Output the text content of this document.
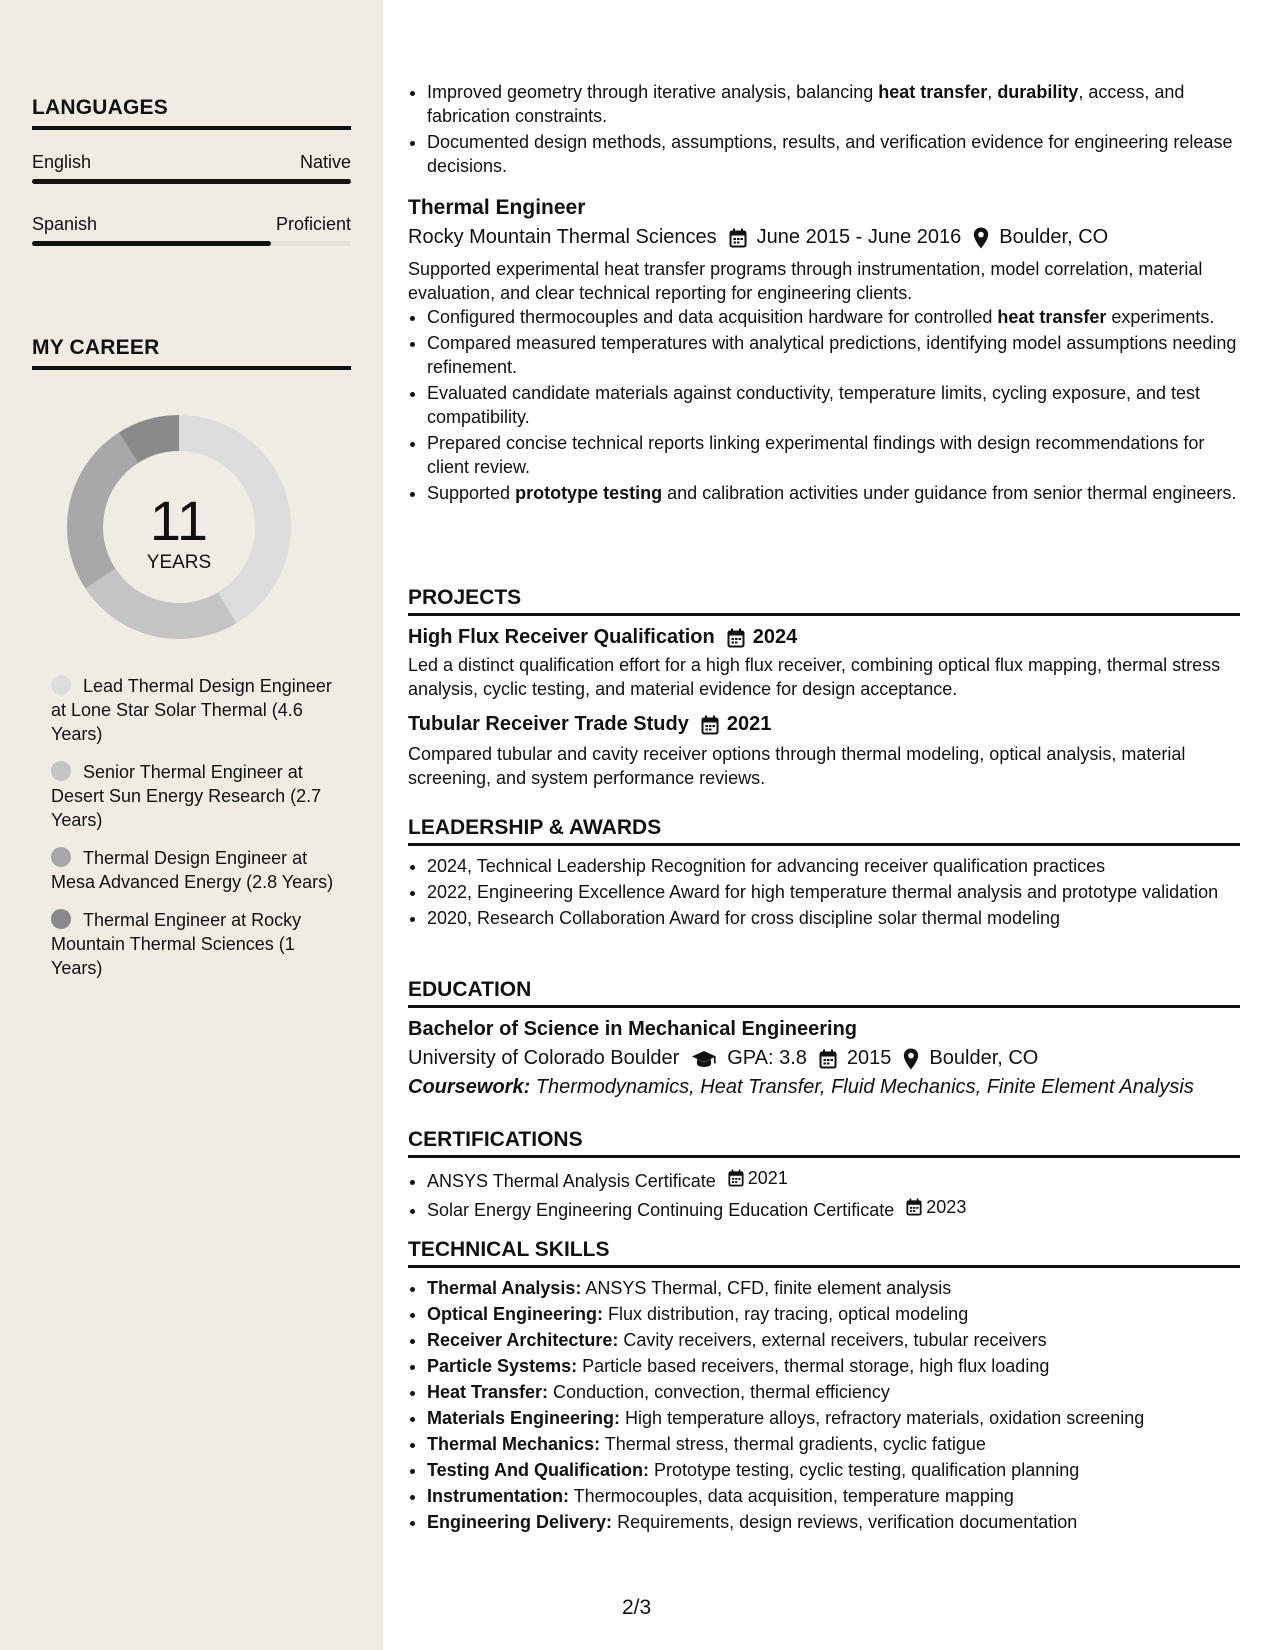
LANGUAGES
English	Native
Spanish	Proficient
MY CAREER
11
YEARS
Lead Thermal Design Engineer at Lone Star Solar Thermal (4.6 Years)
Senior Thermal Engineer at Desert Sun Energy Research (2.7 Years)
Thermal Design Engineer at Mesa Advanced Energy (2.8 Years)
Thermal Engineer at Rocky Mountain Thermal Sciences (1 Years)
• Improved geometry through iterative analysis, balancing heat transfer, durability, access, and fabrication constraints.
• Documented design methods, assumptions, results, and verification evidence for engineering release decisions.
Thermal Engineer
Rocky Mountain Thermal Sciences June 2015 - June 2016 Boulder, CO

Supported experimental heat transfer programs through instrumentation, model correlation, material evaluation, and clear technical reporting for engineering clients.

• Configured thermocouples and data acquisition hardware for controlled heat transfer experiments.
• Compared measured temperatures with analytical predictions, identifying model assumptions needing refinement.
• Evaluated candidate materials against conductivity, temperature limits, cycling exposure, and test compatibility.
• Prepared concise technical reports linking experimental findings with design recommendations for client review.
• Supported prototype testing and calibration activities under guidance from senior thermal engineers.
PROJECTS
High Flux Receiver Qualification 2024

Led a distinct qualification effort for a high flux receiver, combining optical flux mapping, thermal stress analysis, cyclic testing, and material evidence for design acceptance.

Tubular Receiver Trade Study 2021

Compared tubular and cavity receiver options through thermal modeling, optical analysis, material screening, and system performance reviews.

LEADERSHIP & AWARDS
• 2024, Technical Leadership Recognition for advancing receiver qualification practices
• 2022, Engineering Excellence Award for high temperature thermal analysis and prototype validation
• 2020, Research Collaboration Award for cross discipline solar thermal modeling
EDUCATION
Bachelor of Science in Mechanical Engineering
University of Colorado Boulder GPA: 3.8 2015 Boulder, CO
Coursework: Thermodynamics, Heat Transfer, Fluid Mechanics, Finite Element Analysis
CERTIFICATIONS
• ANSYS Thermal Analysis Certificate 2021
• Solar Energy Engineering Continuing Education Certificate 2023
TECHNICAL SKILLS
• Thermal Analysis: ANSYS Thermal, CFD, finite element analysis
• Optical Engineering: Flux distribution, ray tracing, optical modeling
• Receiver Architecture: Cavity receivers, external receivers, tubular receivers
• Particle Systems: Particle based receivers, thermal storage, high flux loading
• Heat Transfer: Conduction, convection, thermal efficiency
• Materials Engineering: High temperature alloys, refractory materials, oxidation screening
• Thermal Mechanics: Thermal stress, thermal gradients, cyclic fatigue
• Testing And Qualification: Prototype testing, cyclic testing, qualification planning
• Instrumentation: Thermocouples, data acquisition, temperature mapping
• Engineering Delivery: Requirements, design reviews, verification documentation
2/3
